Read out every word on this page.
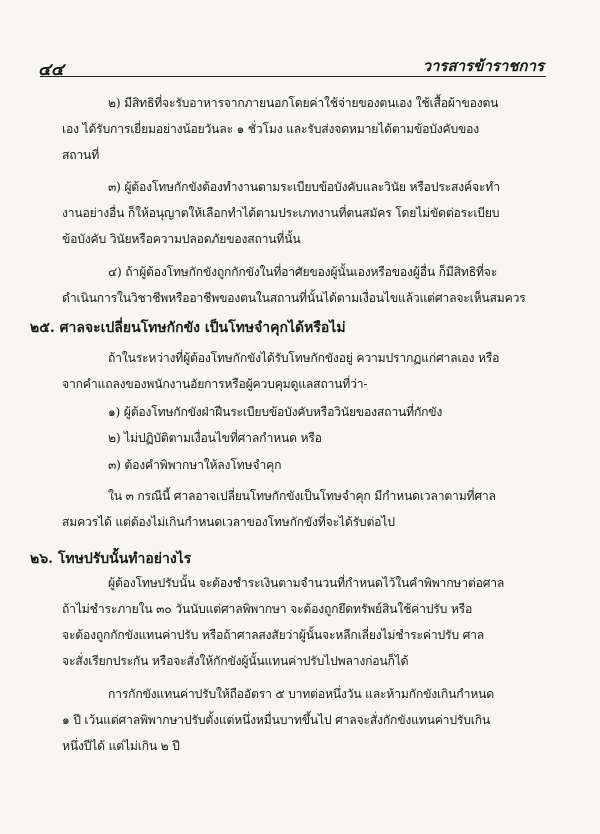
๔๔	วารสารข้าราชการ
๒) มีสิทธิที่จะรับอาหารจากภายนอกโดยค่าใช้จ่ายของตนเอง ใช้เสื้อผ้าของตน
เอง ได้รับการเยี่ยมอย่างน้อยวันละ ๑ ชั่วโมง และรับส่งจดหมายได้ตามข้อบังคับของ
สถานที่
๓) ผู้ต้องโทษกักขังต้องทำงานตามระเบียบข้อบังคับและวินัย หรือประสงค์จะทำ
งานอย่างอื่น ก็ให้อนุญาตให้เลือกทำได้ตามประเภทงานที่ตนสมัคร โดยไม่ขัดต่อระเบียบ
ข้อบังคับ วินัยหรือความปลอดภัยของสถานที่นั้น
๔) ถ้าผู้ต้องโทษกักขังถูกกักขังในที่อาศัยของผู้นั้นเองหรือของผู้อื่น ก็มีสิทธิที่จะ
ดำเนินการในวิชาชีพหรืออาชีพของตนในสถานที่นั้นได้ตามเงื่อนไขแล้วแต่ศาลจะเห็นสมควร
๒๕. ศาลจะเปลี่ยนโทษกักขัง เป็นโทษจำคุกได้หรือไม่
ถ้าในระหว่างที่ผู้ต้องโทษกักขังได้รับโทษกักขังอยู่ ความปรากฏแก่ศาลเอง หรือ
จากคำแถลงของพนักงานอัยการหรือผู้ควบคุมดูแลสถานที่ว่า-
๑) ผู้ต้องโทษกักขังฝ่าฝืนระเบียบข้อบังคับหรือวินัยของสถานที่กักขัง
๒) ไม่ปฏิบัติตามเงื่อนไขที่ศาลกำหนด หรือ
๓) ต้องคำพิพากษาให้ลงโทษจำคุก
ใน ๓ กรณีนี้ ศาลอาจเปลี่ยนโทษกักขังเป็นโทษจำคุก มีกำหนดเวลาตามที่ศาล
สมควรได้ แต่ต้องไม่เกินกำหนดเวลาของโทษกักขังที่จะได้รับต่อไป
๒๖. โทษปรับนั้นทำอย่างไร
ผู้ต้องโทษปรับนั้น จะต้องชำระเงินตามจำนวนที่กำหนดไว้ในคำพิพากษาต่อศาล
ถ้าไม่ชำระภายใน ๓๐ วันนับแต่ศาลพิพากษา จะต้องถูกยึดทรัพย์สินใช้ค่าปรับ หรือ
จะต้องถูกกักขังแทนค่าปรับ หรือถ้าศาลสงสัยว่าผู้นั้นจะหลีกเลี่ยงไม่ชำระค่าปรับ ศาล
จะสั่งเรียกประกัน หรือจะสั่งให้กักขังผู้นั้นแทนค่าปรับไปพลางก่อนก็ได้
การกักขังแทนค่าปรับให้ถืออัตรา ๕ บาทต่อหนึ่งวัน และห้ามกักขังเกินกำหนด
๑ ปี เว้นแต่ศาลพิพากษาปรับตั้งแต่หนึ่งหมื่นบาทขึ้นไป ศาลจะสั่งกักขังแทนค่าปรับเกิน
หนึ่งปีได้ แต่ไม่เกิน ๒ ปี
